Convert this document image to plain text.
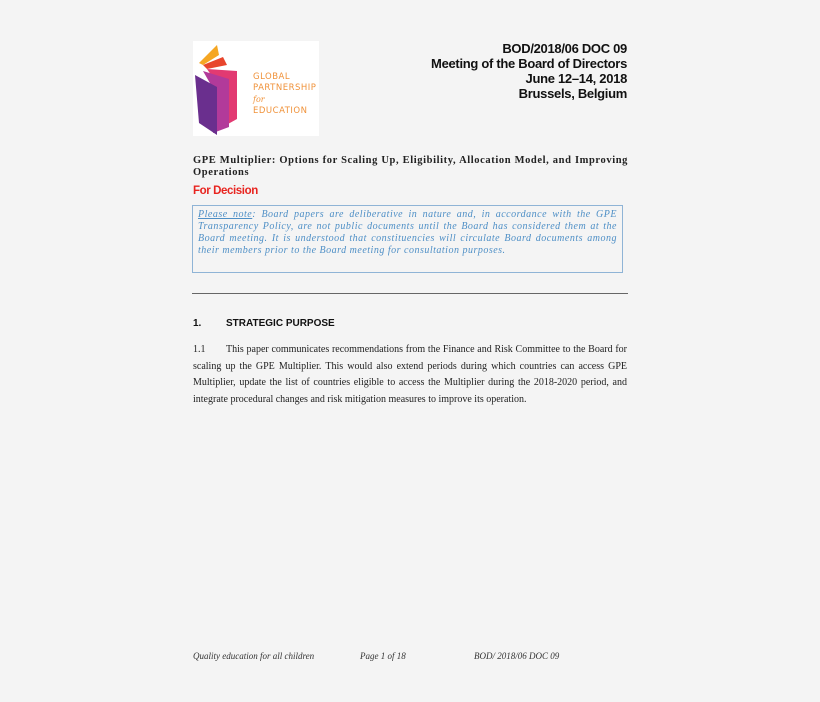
GLOBAL
PARTNERSHIP
for EDUCATION
BOD/2018/06 DOC 09
Meeting of the Board of Directors
June 12–14, 2018
Brussels, Belgium
GPE Multiplier: Options for Scaling Up, Eligibility, Allocation Model, and Improving Operations
For Decision
Please note: Board papers are deliberative in nature and, in accordance with the GPE Transparency Policy, are not public documents until the Board has considered them at the Board meeting. It is understood that constituencies will circulate Board documents among their members prior to the Board meeting for consultation purposes.
1. STRATEGIC PURPOSE
1.1 This paper communicates recommendations from the Finance and Risk Committee to the Board for scaling up the GPE Multiplier. This would also extend periods during which countries can access GPE Multiplier, update the list of countries eligible to access the Multiplier during the 2018-2020 period, and integrate procedural changes and risk mitigation measures to improve its operation.
Quality education for all children	Page 1 of 18	BOD/ 2018/06 DOC 09
